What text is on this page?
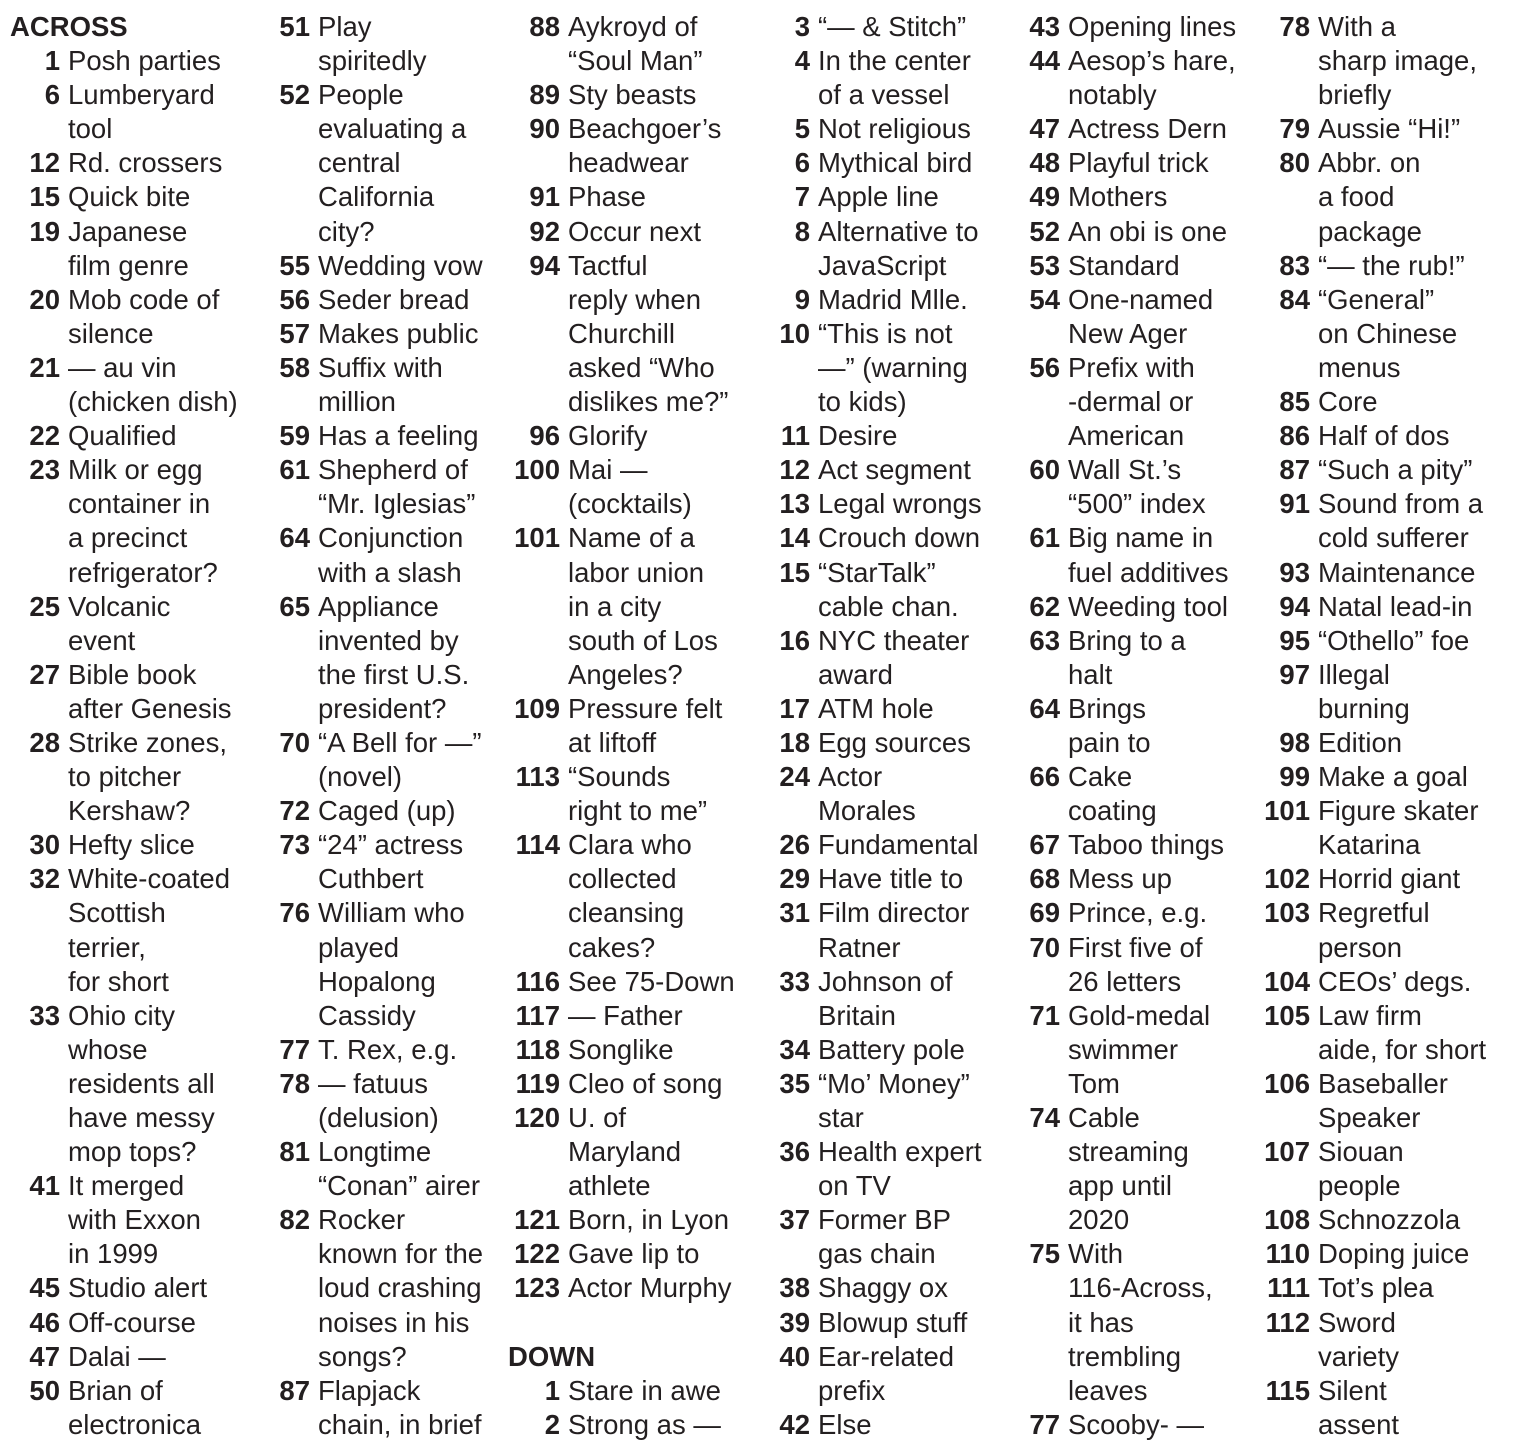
ACROSS
1 Posh parties
6 Lumberyard
tool
12 Rd. crossers
15 Quick bite
19 Japanese
film genre
20 Mob code of
silence
21 — au vin
(chicken dish)
22 Qualified
23 Milk or egg
container in
a precinct
refrigerator?
25 Volcanic
event
27 Bible book
after Genesis
28 Strike zones,
to pitcher
Kershaw?
30 Hefty slice
32 White-coated
Scottish
terrier,
for short
33 Ohio city
whose
residents all
have messy
mop tops?
41 It merged
with Exxon
in 1999
45 Studio alert
46 Off-course
47 Dalai —
50 Brian of
electronica
51 Play
spiritedly
52 People
evaluating a
central
California
city?
55 Wedding vow
56 Seder bread
57 Makes public
58 Suffix with
million
59 Has a feeling
61 Shepherd of
“Mr. Iglesias”
64 Conjunction
with a slash
65 Appliance
invented by
the first U.S.
president?
70 “A Bell for —”
(novel)
72 Caged (up)
73 “24” actress
Cuthbert
76 William who
played
Hopalong
Cassidy
77 T. Rex, e.g.
78 — fatuus
(delusion)
81 Longtime
“Conan” airer
82 Rocker
known for the
loud crashing
noises in his
songs?
87 Flapjack
chain, in brief
88 Aykroyd of
“Soul Man”
89 Sty beasts
90 Beachgoer’s
headwear
91 Phase
92 Occur next
94 Tactful
reply when
Churchill
asked “Who
dislikes me?”
96 Glorify
100 Mai —
(cocktails)
101 Name of a
labor union
in a city
south of Los
Angeles?
109 Pressure felt
at liftoff
113 “Sounds
right to me”
114 Clara who
collected
cleansing
cakes?
116 See 75-Down
117 — Father
118 Songlike
119 Cleo of song
120 U. of
Maryland
athlete
121 Born, in Lyon
122 Gave lip to
123 Actor Murphy
DOWN
1 Stare in awe
2 Strong as —
3 “— & Stitch”
4 In the center
of a vessel
5 Not religious
6 Mythical bird
7 Apple line
8 Alternative to
JavaScript
9 Madrid Mlle.
10 “This is not
—” (warning
to kids)
11 Desire
12 Act segment
13 Legal wrongs
14 Crouch down
15 “StarTalk”
cable chan.
16 NYC theater
award
17 ATM hole
18 Egg sources
24 Actor
Morales
26 Fundamental
29 Have title to
31 Film director
Ratner
33 Johnson of
Britain
34 Battery pole
35 “Mo’ Money”
star
36 Health expert
on TV
37 Former BP
gas chain
38 Shaggy ox
39 Blowup stuff
40 Ear-related
prefix
42 Else
43 Opening lines
44 Aesop’s hare,
notably
47 Actress Dern
48 Playful trick
49 Mothers
52 An obi is one
53 Standard
54 One-named
New Ager
56 Prefix with
-dermal or
American
60 Wall St.’s
“500” index
61 Big name in
fuel additives
62 Weeding tool
63 Bring to a
halt
64 Brings
pain to
66 Cake
coating
67 Taboo things
68 Mess up
69 Prince, e.g.
70 First five of
26 letters
71 Gold-medal
swimmer
Tom
74 Cable
streaming
app until
2020
75 With
116-Across,
it has
trembling
leaves
77 Scooby- —
78 With a
sharp image,
briefly
79 Aussie “Hi!”
80 Abbr. on
a food
package
83 “— the rub!”
84 “General”
on Chinese
menus
85 Core
86 Half of dos
87 “Such a pity”
91 Sound from a
cold sufferer
93 Maintenance
94 Natal lead-in
95 “Othello” foe
97 Illegal
burning
98 Edition
99 Make a goal
101 Figure skater
Katarina
102 Horrid giant
103 Regretful
person
104 CEOs’ degs.
105 Law firm
aide, for short
106 Baseballer
Speaker
107 Siouan
people
108 Schnozzola
110 Doping juice
111 Tot’s plea
112 Sword
variety
115 Silent
assent
